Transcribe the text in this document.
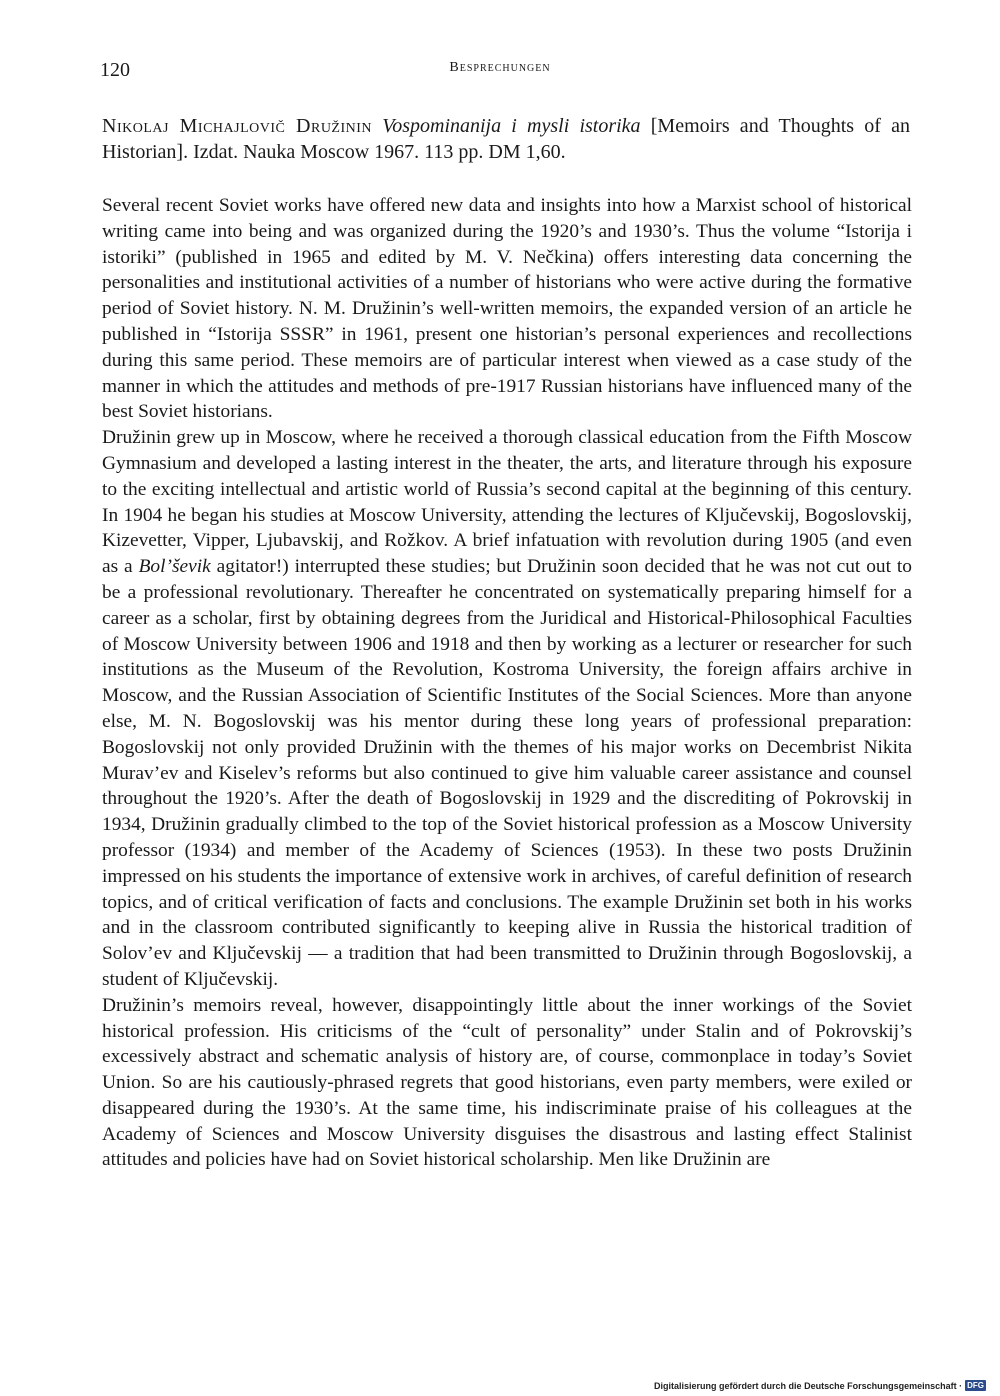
120	Besprechungen
Nikolaj Michajlovič Družinin Vospominanija i mysli istorika [Memoirs and Thoughts of an Historian]. Izdat. Nauka Moscow 1967. 113 pp. DM 1,60.

Several recent Soviet works have offered new data and insights into how a Marxist school of historical writing came into being and was organized during the 1920’s and 1930’s. Thus the volume “Istorija i istoriki” (published in 1965 and edited by M. V. Nečkina) offers interesting data concerning the personalities and institutional activities of a number of historians who were active during the formative period of Soviet history. N. M. Družinin’s well-written memoirs, the expanded version of an article he published in “Istorija SSSR” in 1961, present one historian’s personal experiences and recollections during this same period. These memoirs are of particular interest when viewed as a case study of the manner in which the attitudes and methods of pre-1917 Russian historians have influenced many of the best Soviet historians.

Družinin grew up in Moscow, where he received a thorough classical education from the Fifth Moscow Gymnasium and developed a lasting interest in the theater, the arts, and literature through his exposure to the exciting intellectual and artistic world of Russia’s second capital at the beginning of this century. In 1904 he began his studies at Moscow University, attending the lectures of Ključevskij, Bogoslovskij, Kizevetter, Vipper, Ljubavskij, and Rožkov. A brief infatuation with revolution during 1905 (and even as a Bol’ševik agitator!) interrupted these studies; but Družinin soon decided that he was not cut out to be a professional revolutionary. Thereafter he concentrated on systematically preparing himself for a career as a scholar, first by obtaining degrees from the Juridical and Historical-Philosophical Faculties of Moscow University between 1906 and 1918 and then by working as a lecturer or researcher for such institutions as the Museum of the Revolution, Kostroma University, the foreign affairs archive in Moscow, and the Russian Association of Scientific Institutes of the Social Sciences. More than anyone else, M. N. Bogoslovskij was his mentor during these long years of professional preparation: Bogoslovskij not only provided Družinin with the themes of his major works on Decembrist Nikita Murav’ev and Kiselev’s reforms but also continued to give him valuable career assistance and counsel throughout the 1920’s. After the death of Bogoslovskij in 1929 and the discrediting of Pokrovskij in 1934, Družinin gradually climbed to the top of the Soviet historical profession as a Moscow University professor (1934) and member of the Academy of Sciences (1953). In these two posts Družinin impressed on his students the importance of extensive work in archives, of careful definition of research topics, and of critical verification of facts and conclusions. The example Družinin set both in his works and in the classroom contributed significantly to keeping alive in Russia the historical tradition of Solov’ev and Ključevskij — a tradition that had been transmitted to Družinin through Bogoslovskij, a student of Ključevskij.

Družinin’s memoirs reveal, however, disappointingly little about the inner workings of the Soviet historical profession. His criticisms of the “cult of personality” under Stalin and of Pokrovskij’s excessively abstract and schematic analysis of history are, of course, commonplace in today’s Soviet Union. So are his cautiously-phrased regrets that good historians, even party members, were exiled or disappeared during the 1930’s. At the same time, his indiscriminate praise of his colleagues at the Academy of Sciences and Moscow University disguises the disastrous and lasting effect Stalinist attitudes and policies have had on Soviet historical scholarship. Men like Družinin are

Digitalisierung gefördert durch die Deutsche Forschungsgemeinschaft · DFG
